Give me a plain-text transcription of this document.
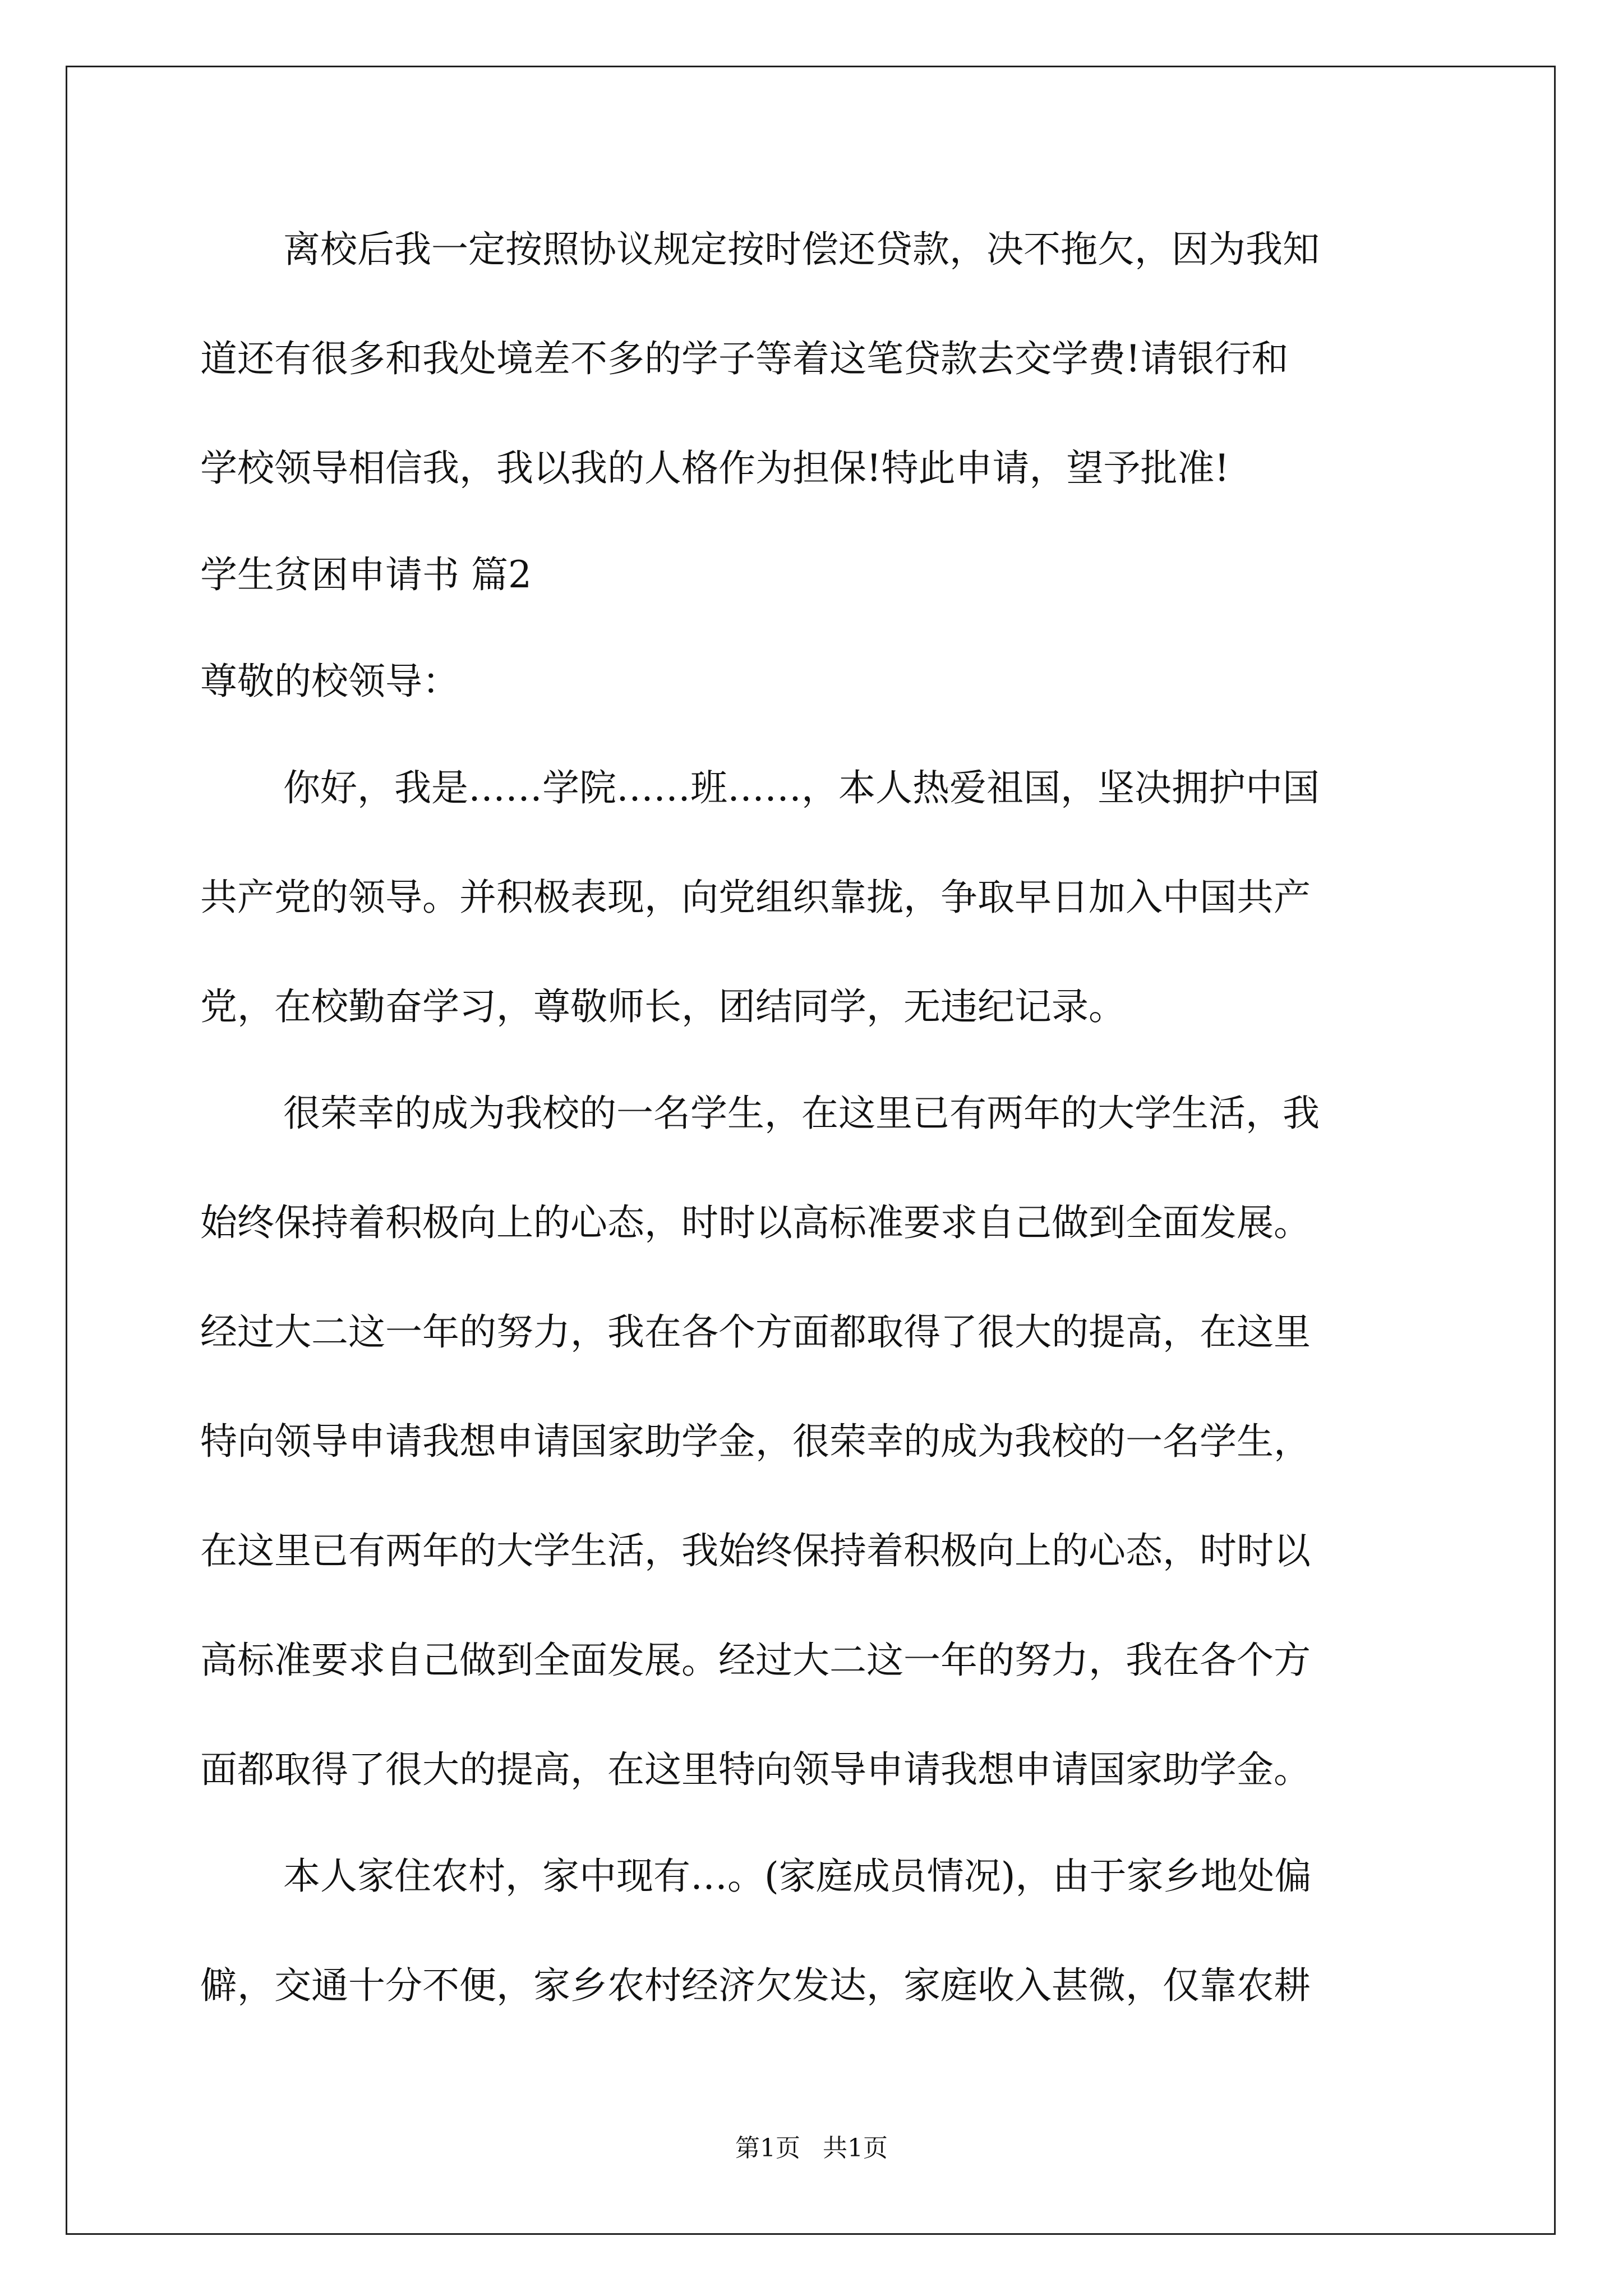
离校后我一定按照协议规定按时偿还贷款，决不拖欠，因为我知
道还有很多和我处境差不多的学子等着这笔贷款去交学费!请银行和
学校领导相信我，我以我的人格作为担保!特此申请，望予批准!
学生贫困申请书 篇2
尊敬的校领导：
你好，我是……学院……班……，本人热爱祖国，坚决拥护中国
共产党的领导。并积极表现，向党组织靠拢，争取早日加入中国共产
党，在校勤奋学习，尊敬师长，团结同学，无违纪记录。
很荣幸的成为我校的一名学生，在这里已有两年的大学生活，我
始终保持着积极向上的心态，时时以高标准要求自己做到全面发展。
经过大二这一年的努力，我在各个方面都取得了很大的提高，在这里
特向领导申请我想申请国家助学金，很荣幸的成为我校的一名学生，
在这里已有两年的大学生活，我始终保持着积极向上的心态，时时以
高标准要求自己做到全面发展。经过大二这一年的努力，我在各个方
面都取得了很大的提高，在这里特向领导申请我想申请国家助学金。
本人家住农村，家中现有…。(家庭成员情况)，由于家乡地处偏
僻，交通十分不便，家乡农村经济欠发达，家庭收入甚微，仅靠农耕
第1页 共1页
